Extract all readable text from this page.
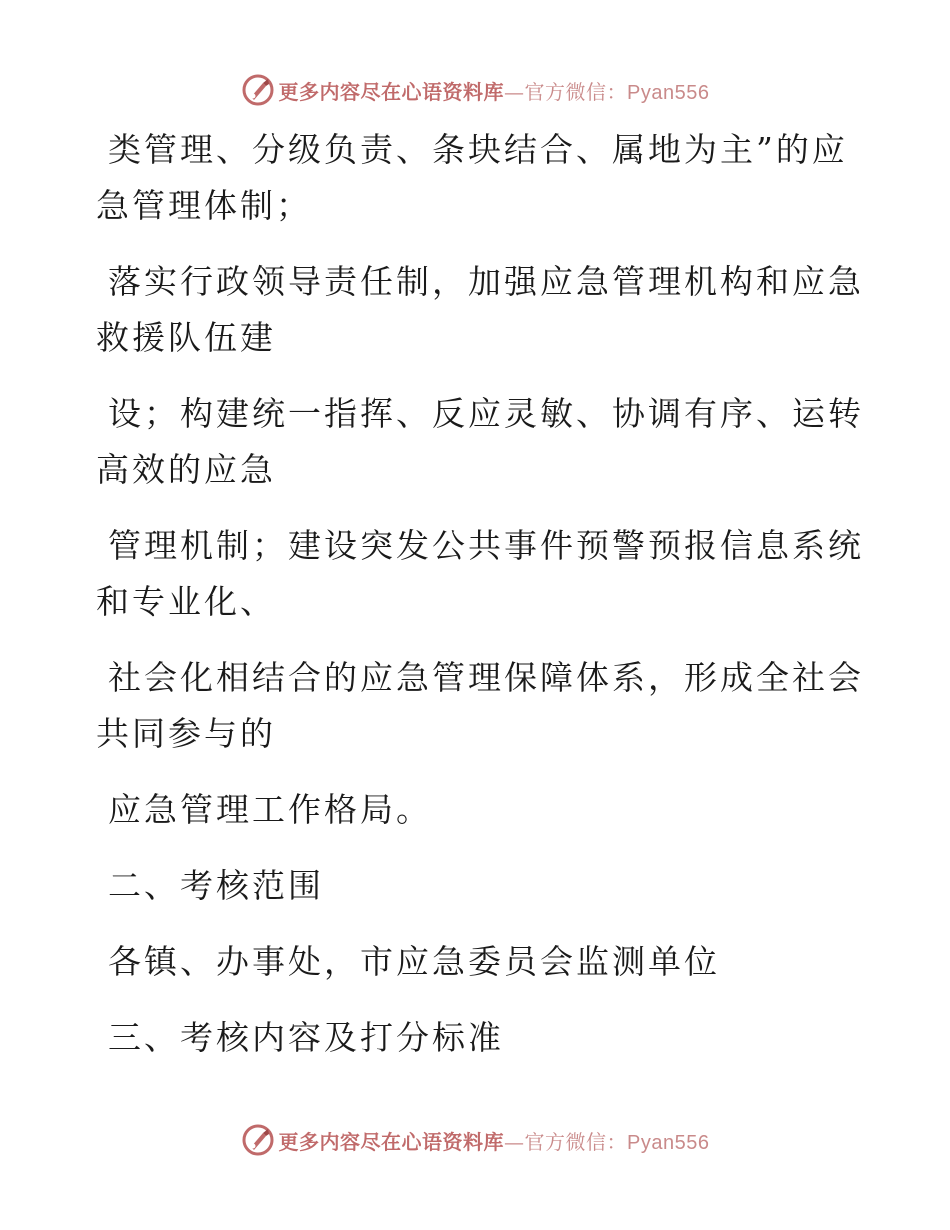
更多内容尽在心语资料库—官方微信：Pyan556

类管理、分级负责、条块结合、属地为主”的应
急管理体制；

落实行政领导责任制，加强应急管理机构和应急
救援队伍建

设；构建统一指挥、反应灵敏、协调有序、运转
高效的应急

管理机制；建设突发公共事件预警预报信息系统
和专业化、

社会化相结合的应急管理保障体系，形成全社会
共同参与的

应急管理工作格局。

二、考核范围

各镇、办事处，市应急委员会监测单位

三、考核内容及打分标准

更多内容尽在心语资料库—官方微信：Pyan556
